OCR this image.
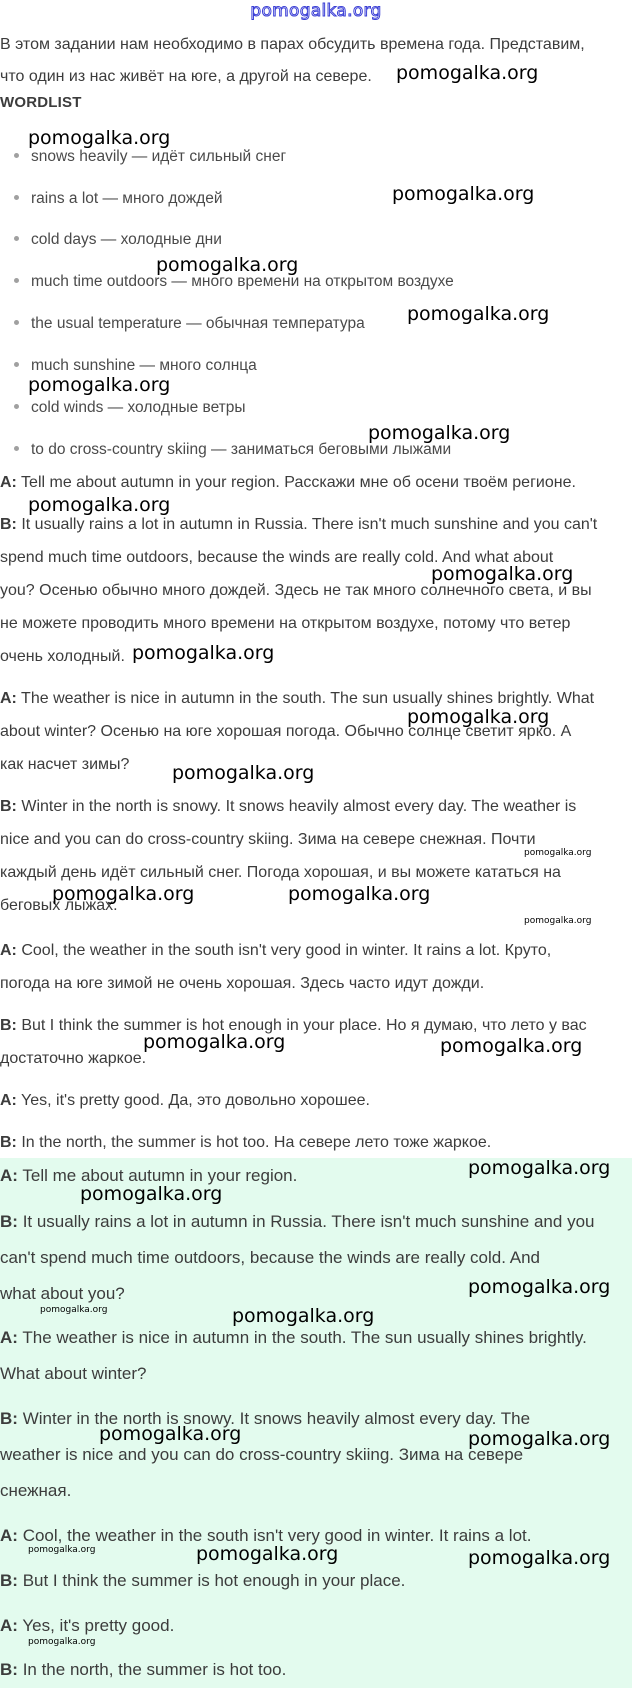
pomogalka.org

В этом задании нам необходимо в парах обсудить времена года. Представим,

что один из нас живёт на юге, а другой на севере.

WORDLIST
snows heavily — идёт сильный снег
rains a lot — много дождей
cold days — холодные дни
much time outdoors — много времени на открытом воздухе
the usual temperature — обычная температура
much sunshine — много солнца
cold winds — холодные ветры
to do cross-country skiing — заниматься беговыми лыжами

A: Tell me about autumn in your region. Расскажи мне об осени твоём регионе.

B: It usually rains a lot in autumn in Russia. There isn't much sunshine and you can't

spend much time outdoors, because the winds are really cold. And what about

you? Осенью обычно много дождей. Здесь не так много солнечного света, и вы

не можете проводить много времени на открытом воздухе, потому что ветер

очень холодный.

A: The weather is nice in autumn in the south. The sun usually shines brightly. What

about winter? Осенью на юге хорошая погода. Обычно солнце светит ярко. А

как насчет зимы?

B: Winter in the north is snowy. It snows heavily almost every day. The weather is

nice and you can do cross-country skiing. Зима на севере снежная. Почти

каждый день идёт сильный снег. Погода хорошая, и вы можете кататься на

беговых лыжах.

A: Cool, the weather in the south isn't very good in winter. It rains a lot. Круто,

погода на юге зимой не очень хорошая. Здесь часто идут дожди.

B: But I think the summer is hot enough in your place. Но я думаю, что лето у вас

достаточно жаркое.

A: Yes, it's pretty good. Да, это довольно хорошее.

B: In the north, the summer is hot too. На севере лето тоже жаркое.

A: Tell me about autumn in your region.

B: It usually rains a lot in autumn in Russia. There isn't much sunshine and you

can't spend much time outdoors, because the winds are really cold. And

what about you?

A: The weather is nice in autumn in the south. The sun usually shines brightly.

What about winter?

B: Winter in the north is snowy. It snows heavily almost every day. The

weather is nice and you can do cross-country skiing. Зима на севере

снежная.

A: Cool, the weather in the south isn't very good in winter. It rains a lot.

B: But I think the summer is hot enough in your place.

A: Yes, it's pretty good.

B: In the north, the summer is hot too.

pomogalka.org
pomogalka.org
pomogalka.org
pomogalka.org
pomogalka.org
pomogalka.org
pomogalka.org
pomogalka.org
pomogalka.org
pomogalka.org
pomogalka.org
pomogalka.org
pomogalka.org
pomogalka.org	pomogalka.org
pomogalka.org
pomogalka.org	pomogalka.org
pomogalka.org
pomogalka.org
pomogalka.org
pomogalka.org	pomogalka.org
pomogalka.org	pomogalka.org
pomogalka.org	pomogalka.org	pomogalka.org
pomogalka.org
